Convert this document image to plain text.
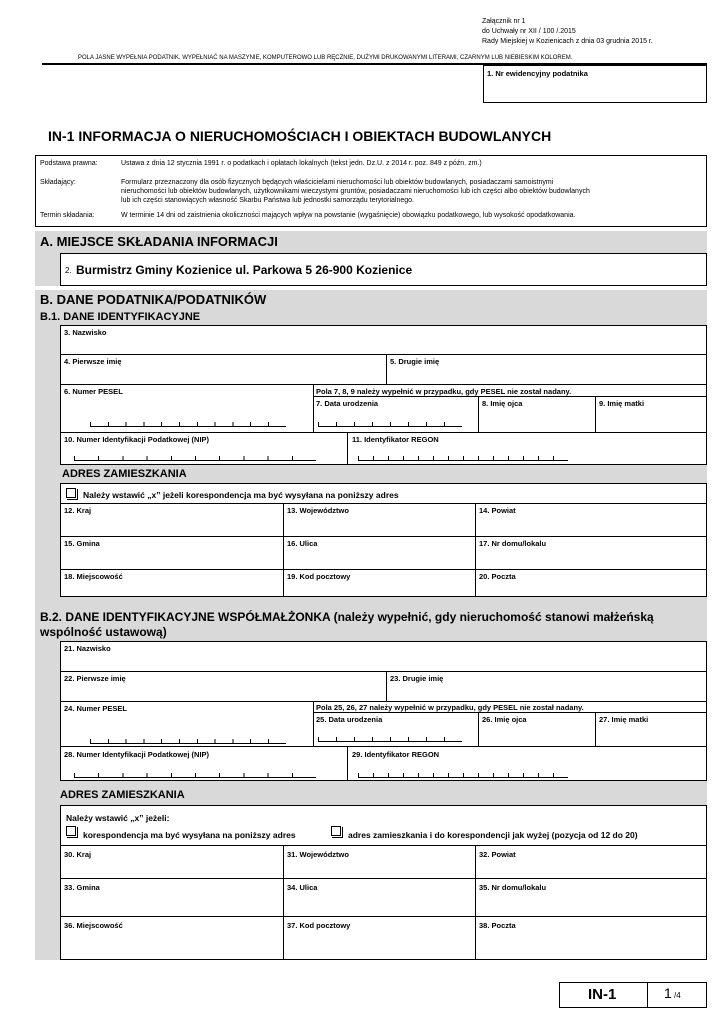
Załącznik nr 1
do Uchwały nr XII / 100 /.2015
Rady Miejskiej w Kozienicach z dnia 03 grudnia 2015 r.
POLA JASNE WYPEŁNIA PODATNIK. WYPEŁNIAĆ NA MASZYNIE, KOMPUTEROWO LUB RĘCZNIE, DUŻYMI DRUKOWANYMI LITERAMI, CZARNYM LUB NIEBIESKIM KOLOREM.
1. Nr ewidencyjny podatnika
IN-1 INFORMACJA O NIERUCHOMOŚCIACH I OBIEKTACH BUDOWLANYCH
Podstawa prawna:	Ustawa z dnia 12 stycznia 1991 r. o podatkach i opłatach lokalnych (tekst jedn. Dz.U. z 2014 r. poz. 849 z późn. zm.)
Składający:	Formularz przeznaczony dla osób fizycznych będących właścicielami nieruchomości lub obiektów budowlanych, posiadaczami samoistnymi
nieruchomości lub obiektów budowlanych, użytkownikami wieczystymi gruntów, posiadaczami nieruchomości lub ich części albo obiektów budowlanych
lub ich części stanowiących własność Skarbu Państwa lub jednostki samorządu terytorialnego.
Termin składania:	W terminie 14 dni od zaistnienia okoliczności mających wpływ na powstanie (wygaśnięcie) obowiązku podatkowego, lub wysokość opodatkowania.
A. MIEJSCE SKŁADANIA INFORMACJI
2. Burmistrz Gminy Kozienice ul. Parkowa 5 26-900 Kozienice
B. DANE PODATNIKA/PODATNIKÓW
B.1. DANE IDENTYFIKACYJNE
3. Nazwisko
4. Pierwsze imię	5. Drugie imię
6. Numer PESEL	Pola 7, 8, 9 należy wypełnić w przypadku, gdy PESEL nie został nadany.
7. Data urodzenia	8. Imię ojca	9. Imię matki
10. Numer Identyfikacji Podatkowej (NIP)	11. Identyfikator REGON
ADRES ZAMIESZKANIA
Należy wstawić „x” jeżeli korespondencja ma być wysyłana na poniższy adres
12. Kraj	13. Województwo	14. Powiat
15. Gmina	16. Ulica	17. Nr domu/lokalu
18. Miejscowość	19. Kod pocztowy	20. Poczta
B.2. DANE IDENTYFIKACYJNE WSPÓŁMAŁŻONKA (należy wypełnić, gdy nieruchomość stanowi małżeńską
wspólność ustawową)
21. Nazwisko
22. Pierwsze imię	23. Drugie imię
24. Numer PESEL	Pola 25, 26, 27 należy wypełnić w przypadku, gdy PESEL nie został nadany.
25. Data urodzenia	26. Imię ojca	27. Imię matki
28. Numer Identyfikacji Podatkowej (NIP)	29. Identyfikator REGON
ADRES ZAMIESZKANIA
Należy wstawić „x” jeżeli:
korespondencja ma być wysyłana na poniższy adres	adres zamieszkania i do korespondencji jak wyżej (pozycja od 12 do 20)
30. Kraj	31. Województwo	32. Powiat
33. Gmina	34. Ulica	35. Nr domu/lokalu
36. Miejscowość	37. Kod pocztowy	38. Poczta
IN-1	1 /4
